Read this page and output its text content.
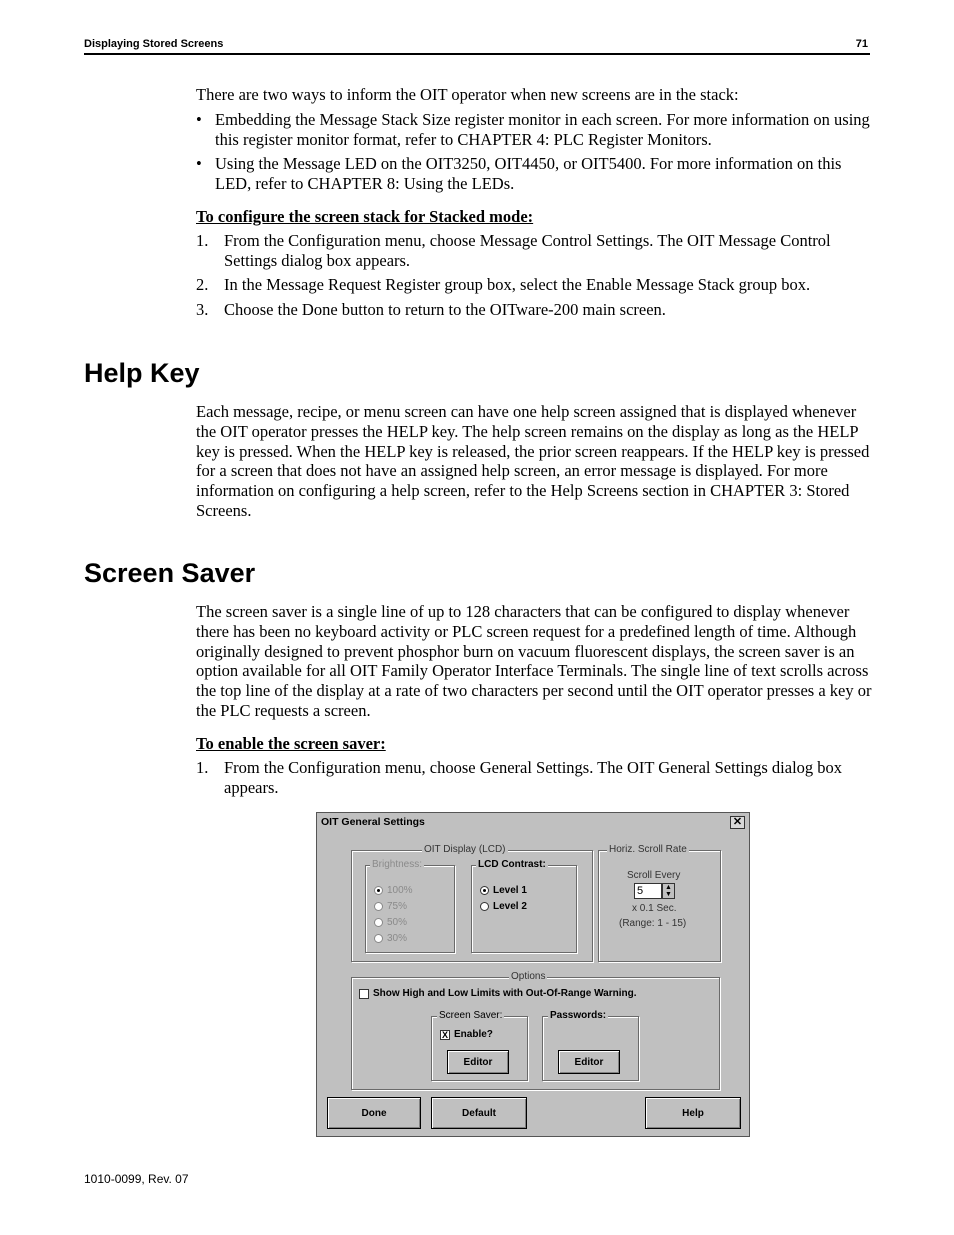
Displaying Stored Screens	71
There are two ways to inform the OIT operator when new screens are in the stack:
• Embedding the Message Stack Size register monitor in each screen. For more information on using this register monitor format, refer to CHAPTER 4: PLC Register Monitors.
• Using the Message LED on the OIT3250, OIT4450, or OIT5400. For more information on this LED, refer to CHAPTER 8: Using the LEDs.
To configure the screen stack for Stacked mode:
1. From the Configuration menu, choose Message Control Settings. The OIT Message Control Settings dialog box appears.
2. In the Message Request Register group box, select the Enable Message Stack group box.
3. Choose the Done button to return to the OITware-200 main screen.
Help Key
Each message, recipe, or menu screen can have one help screen assigned that is displayed whenever the OIT operator presses the HELP key. The help screen remains on the display as long as the HELP key is pressed. When the HELP key is released, the prior screen reappears. If the HELP key is pressed for a screen that does not have an assigned help screen, an error message is displayed. For more information on configuring a help screen, refer to the Help Screens section in CHAPTER 3: Stored Screens.
Screen Saver
The screen saver is a single line of up to 128 characters that can be configured to display whenever there has been no keyboard activity or PLC screen request for a predefined length of time. Although originally designed to prevent phosphor burn on vacuum fluorescent displays, the screen saver is an option available for all OIT Family Operator Interface Terminals. The single line of text scrolls across the top line of the display at a rate of two characters per second until the OIT operator presses a key or the PLC requests a screen.
To enable the screen saver:
1. From the Configuration menu, choose General Settings. The OIT General Settings dialog box appears.
OIT General Settings	✕
OIT Display (LCD)
Brightness:
100%
75%
50%
30%
LCD Contrast:
Level 1
Level 2
Horiz. Scroll Rate
Scroll Every
5	▲
▼
x 0.1 Sec.
(Range: 1 - 15)
Options
Show High and Low Limits with Out-Of-Range Warning.
Screen Saver:
X Enable?
Editor
Passwords:
Editor
Done	Default	Help
1010-0099, Rev. 07
